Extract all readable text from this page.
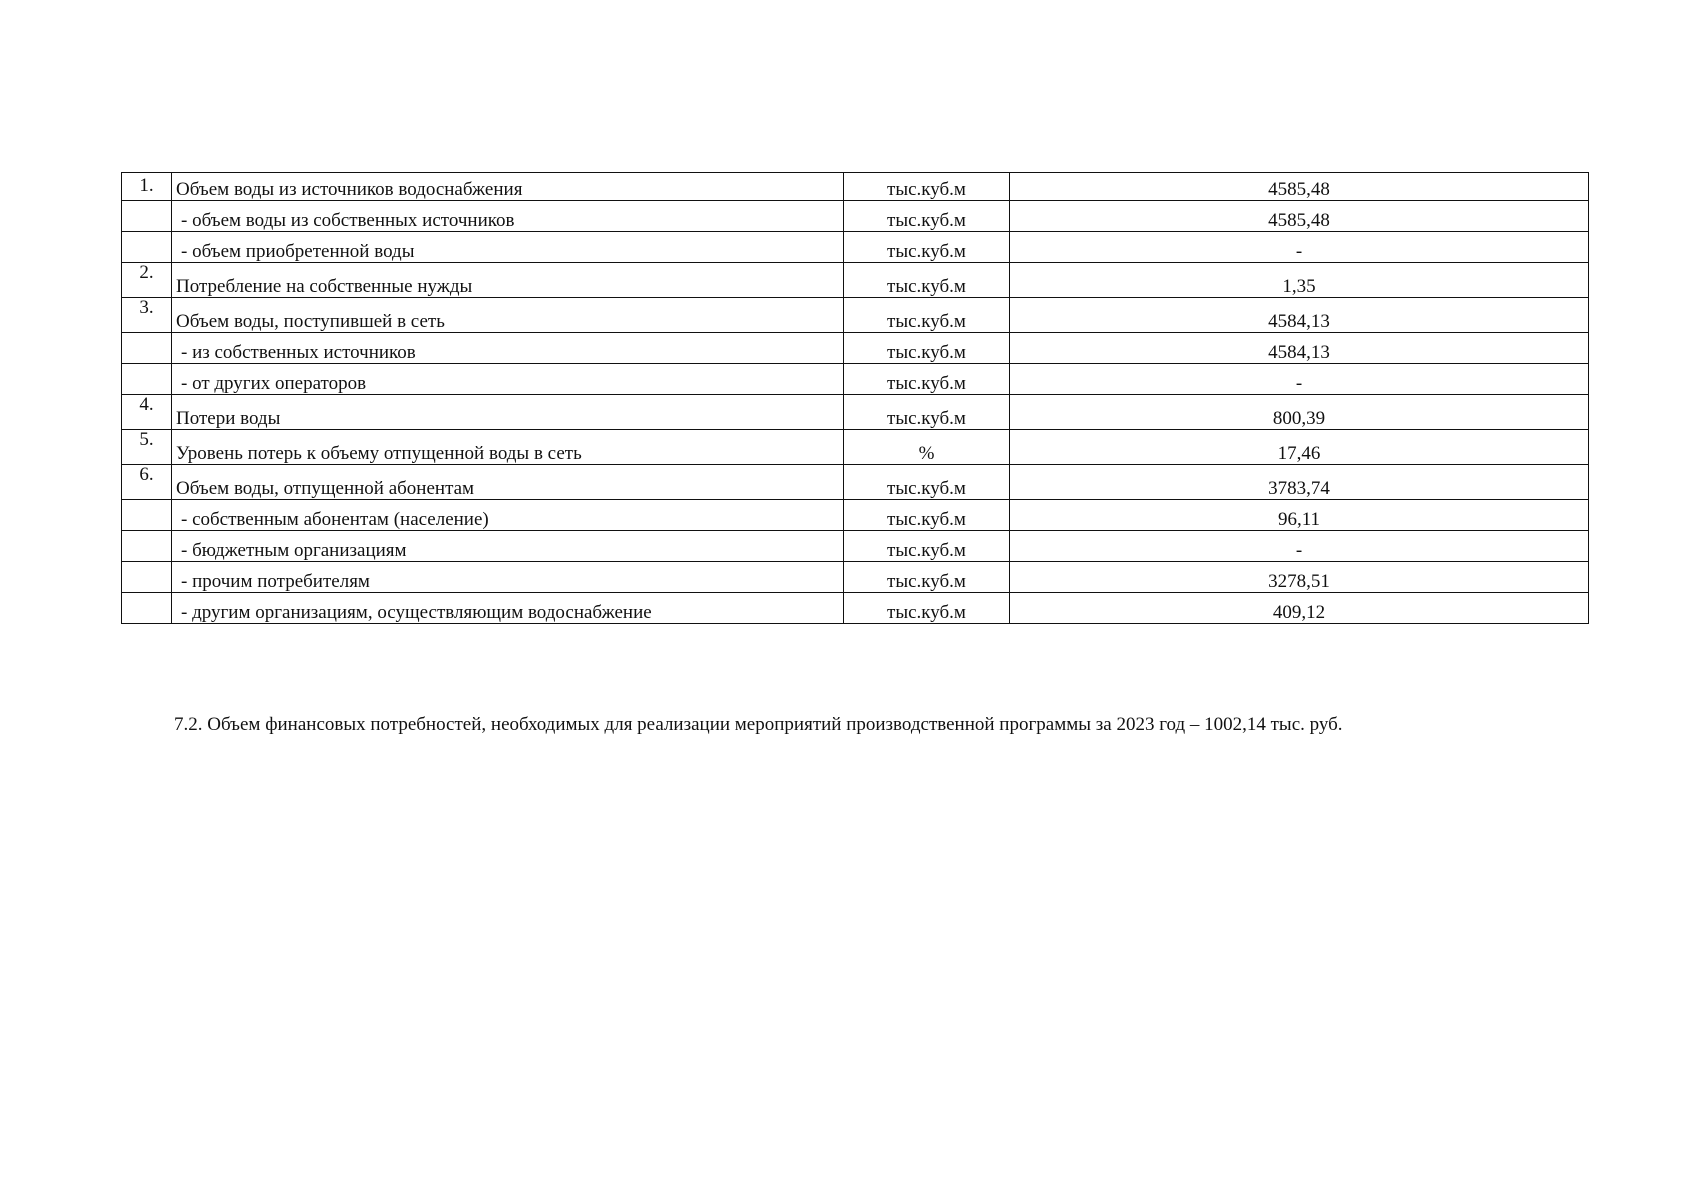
1.	Объем воды из источников водоснабжения	тыс.куб.м	4585,48
	- объем воды из собственных источников	тыс.куб.м	4585,48
	- объем приобретенной воды	тыс.куб.м	-
2.	Потребление на собственные нужды	тыс.куб.м	1,35
3.	Объем воды, поступившей в сеть	тыс.куб.м	4584,13
	- из собственных источников	тыс.куб.м	4584,13
	- от других операторов	тыс.куб.м	-
4.	Потери воды	тыс.куб.м	800,39
5.	Уровень потерь к объему отпущенной воды в сеть	%	17,46
6.	Объем воды, отпущенной абонентам	тыс.куб.м	3783,74
	- собственным абонентам (население)	тыс.куб.м	96,11
	- бюджетным организациям	тыс.куб.м	-
	- прочим потребителям	тыс.куб.м	3278,51
	- другим организациям, осуществляющим водоснабжение	тыс.куб.м	409,12
7.2. Объем финансовых потребностей, необходимых для реализации мероприятий производственной программы за 2023 год – 1002,14 тыс. руб.
